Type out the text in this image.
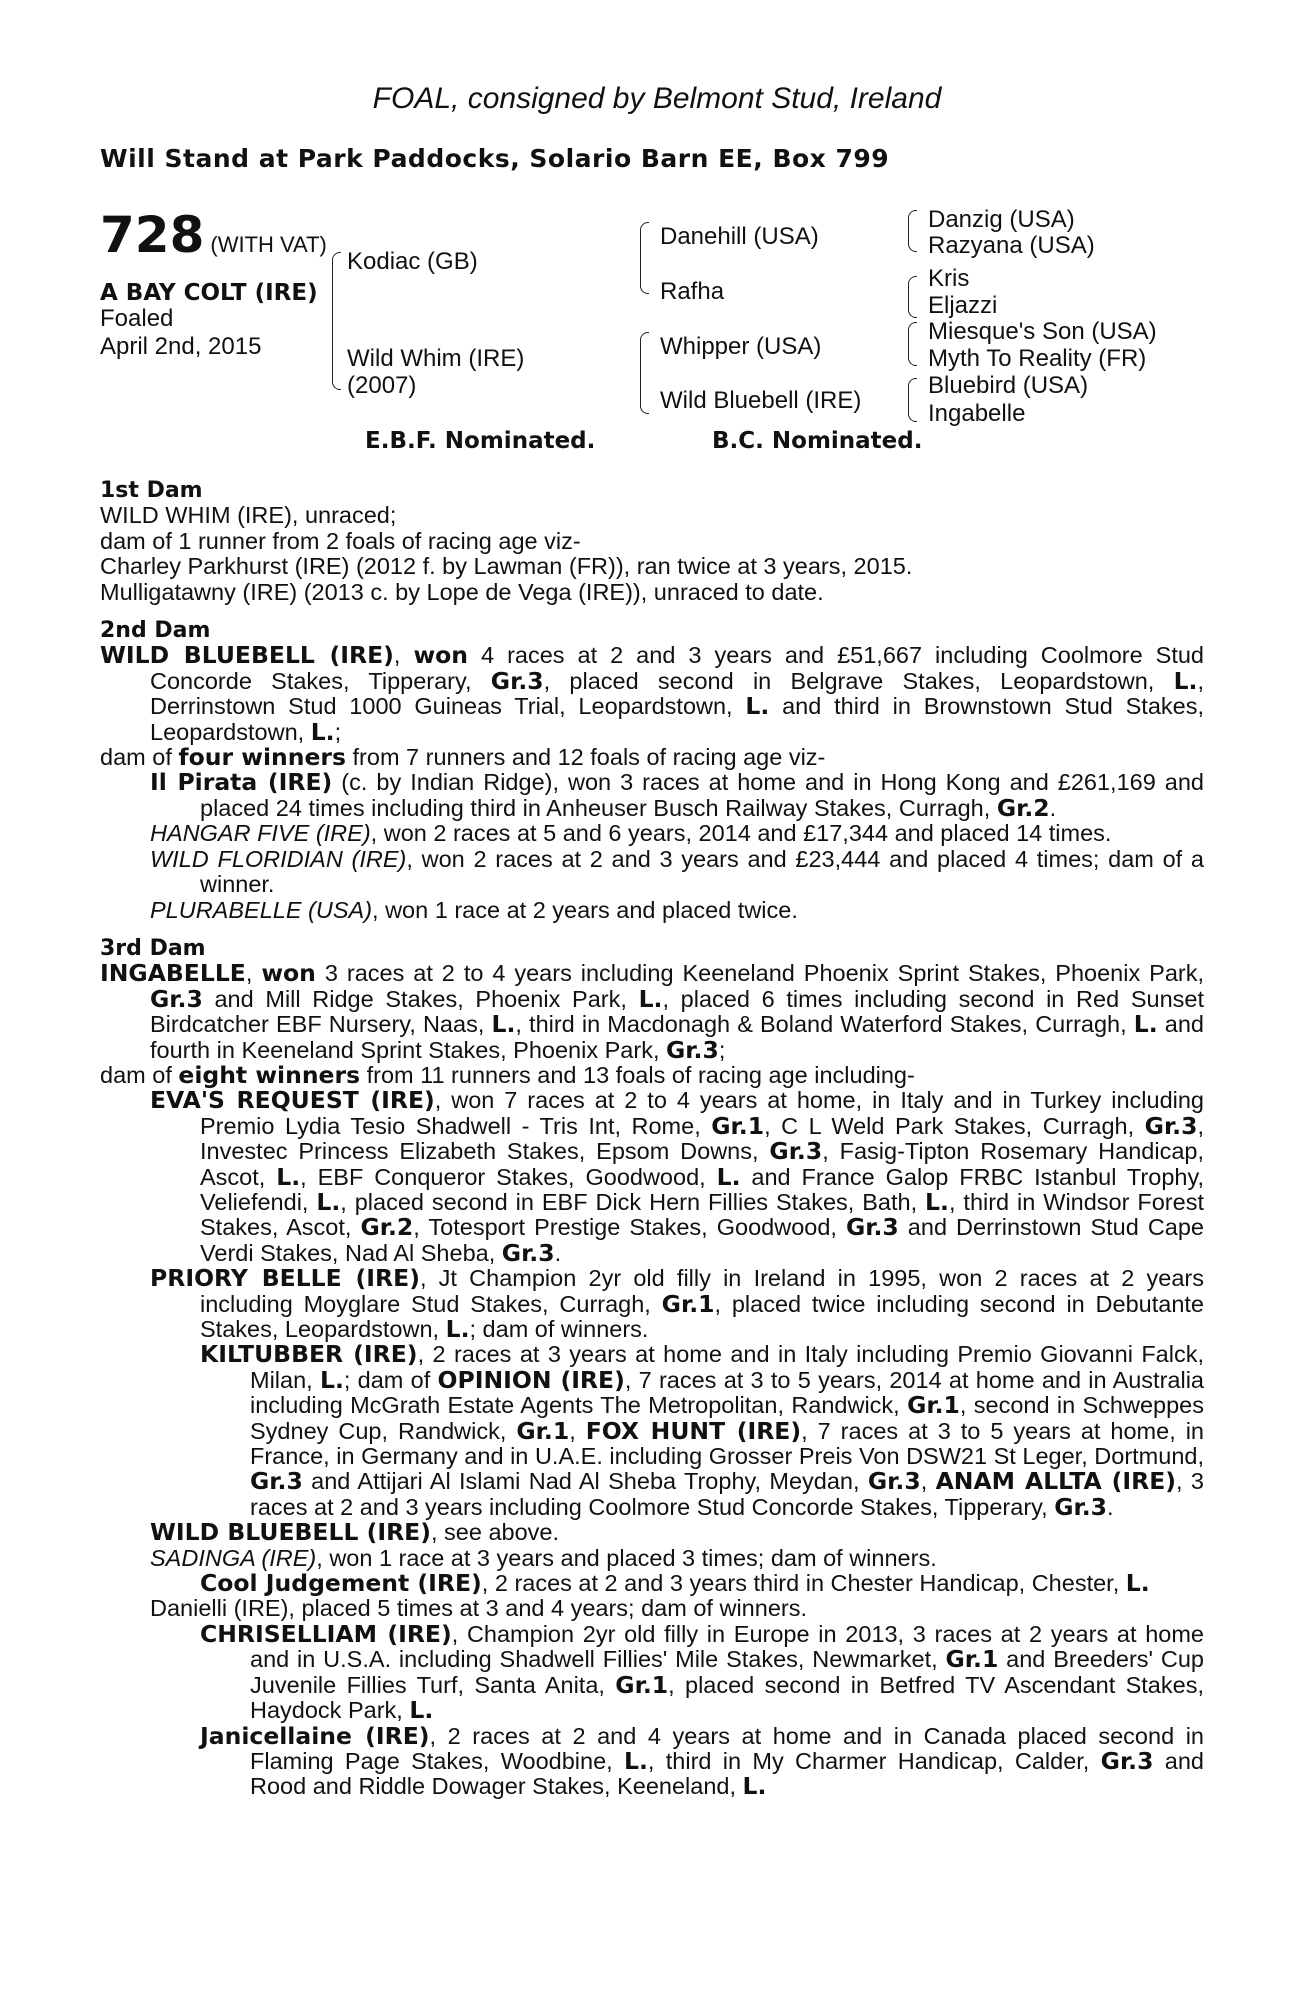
FOAL, consigned by Belmont Stud, Ireland
Will Stand at Park Paddocks, Solario Barn EE, Box 799
728 (WITH VAT)
A BAY COLT (IRE)
Foaled
April 2nd, 2015
Kodiac (GB)
Wild Whim (IRE)
(2007)
Danehill (USA)
Rafha
Whipper (USA)
Wild Bluebell (IRE)
Danzig (USA)
Razyana (USA)
Kris
Eljazzi
Miesque's Son (USA)
Myth To Reality (FR)
Bluebird (USA)
Ingabelle
E.B.F. Nominated.	B.C. Nominated.

1st Dam

WILD WHIM (IRE), unraced;

dam of 1 runner from 2 foals of racing age viz-

Charley Parkhurst (IRE) (2012 f. by Lawman (FR)), ran twice at 3 years, 2015.

Mulligatawny (IRE) (2013 c. by Lope de Vega (IRE)), unraced to date.

2nd Dam

WILD BLUEBELL (IRE), won 4 races at 2 and 3 years and £51,667 including Coolmore Stud Concorde Stakes, Tipperary, Gr.3, placed second in Belgrave Stakes, Leopardstown, L., Derrinstown Stud 1000 Guineas Trial, Leopardstown, L. and third in Brownstown Stud Stakes, Leopardstown, L.;

dam of four winners from 7 runners and 12 foals of racing age viz-

Il Pirata (IRE) (c. by Indian Ridge), won 3 races at home and in Hong Kong and £261,169 and placed 24 times including third in Anheuser Busch Railway Stakes, Curragh, Gr.2.

HANGAR FIVE (IRE), won 2 races at 5 and 6 years, 2014 and £17,344 and placed 14 times.

WILD FLORIDIAN (IRE), won 2 races at 2 and 3 years and £23,444 and placed 4 times; dam of a winner.

PLURABELLE (USA), won 1 race at 2 years and placed twice.

3rd Dam

INGABELLE, won 3 races at 2 to 4 years including Keeneland Phoenix Sprint Stakes, Phoenix Park, Gr.3 and Mill Ridge Stakes, Phoenix Park, L., placed 6 times including second in Red Sunset Birdcatcher EBF Nursery, Naas, L., third in Macdonagh & Boland Waterford Stakes, Curragh, L. and fourth in Keeneland Sprint Stakes, Phoenix Park, Gr.3;

dam of eight winners from 11 runners and 13 foals of racing age including-

EVA'S REQUEST (IRE), won 7 races at 2 to 4 years at home, in Italy and in Turkey including Premio Lydia Tesio Shadwell - Tris Int, Rome, Gr.1, C L Weld Park Stakes, Curragh, Gr.3, Investec Princess Elizabeth Stakes, Epsom Downs, Gr.3, Fasig-Tipton Rosemary Handicap, Ascot, L., EBF Conqueror Stakes, Goodwood, L. and France Galop FRBC Istanbul Trophy, Veliefendi, L., placed second in EBF Dick Hern Fillies Stakes, Bath, L., third in Windsor Forest Stakes, Ascot, Gr.2, Totesport Prestige Stakes, Goodwood, Gr.3 and Derrinstown Stud Cape Verdi Stakes, Nad Al Sheba, Gr.3.

PRIORY BELLE (IRE), Jt Champion 2yr old filly in Ireland in 1995, won 2 races at 2 years including Moyglare Stud Stakes, Curragh, Gr.1, placed twice including second in Debutante Stakes, Leopardstown, L.; dam of winners.

KILTUBBER (IRE), 2 races at 3 years at home and in Italy including Premio Giovanni Falck, Milan, L.; dam of OPINION (IRE), 7 races at 3 to 5 years, 2014 at home and in Australia including McGrath Estate Agents The Metropolitan, Randwick, Gr.1, second in Schweppes Sydney Cup, Randwick, Gr.1, FOX HUNT (IRE), 7 races at 3 to 5 years at home, in France, in Germany and in U.A.E. including Grosser Preis Von DSW21 St Leger, Dortmund, Gr.3 and Attijari Al Islami Nad Al Sheba Trophy, Meydan, Gr.3, ANAM ALLTA (IRE), 3 races at 2 and 3 years including Coolmore Stud Concorde Stakes, Tipperary, Gr.3.

WILD BLUEBELL (IRE), see above.

SADINGA (IRE), won 1 race at 3 years and placed 3 times; dam of winners.

Cool Judgement (IRE), 2 races at 2 and 3 years third in Chester Handicap, Chester, L.

Danielli (IRE), placed 5 times at 3 and 4 years; dam of winners.

CHRISELLIAM (IRE), Champion 2yr old filly in Europe in 2013, 3 races at 2 years at home and in U.S.A. including Shadwell Fillies' Mile Stakes, Newmarket, Gr.1 and Breeders' Cup Juvenile Fillies Turf, Santa Anita, Gr.1, placed second in Betfred TV Ascendant Stakes, Haydock Park, L.

Janicellaine (IRE), 2 races at 2 and 4 years at home and in Canada placed second in Flaming Page Stakes, Woodbine, L., third in My Charmer Handicap, Calder, Gr.3 and Rood and Riddle Dowager Stakes, Keeneland, L.
